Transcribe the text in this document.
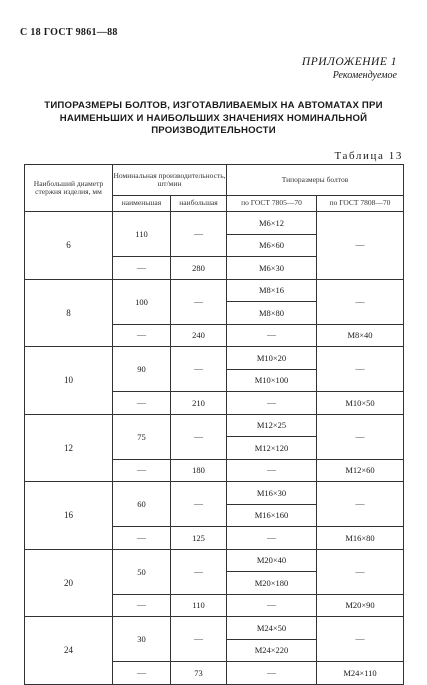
С 18 ГОСТ 9861—88
ПРИЛОЖЕНИЕ 1
Рекомендуемое
ТИПОРАЗМЕРЫ БОЛТОВ, ИЗГОТАВЛИВАЕМЫХ НА АВТОМАТАХ ПРИ
НАИМЕНЬШИХ И НАИБОЛЬШИХ ЗНАЧЕНИЯХ НОМИНАЛЬНОЙ
ПРОИЗВОДИТЕЛЬНОСТИ
Таблица 13
Наибольший диаметр стержня изделия, мм	Номинальная производительность, шт/мин		Типоразмеры болтов	
	наименьшая	наибольшая	по ГОСТ 7805—70	по ГОСТ 7808—70
6	110	—	М6×12	—
			М6×60	
	—	280	М6×30	
8	100	—	М8×16	—
			М8×80	
	—	240	—	М8×40
10	90	—	М10×20	—
			М10×100	
	—	210	—	М10×50
12	75	—	М12×25	—
			М12×120	
	—	180	—	М12×60
16	60	—	М16×30	—
			М16×160	
	—	125	—	М16×80
20	50	—	М20×40	—
			М20×180	
	—	110	—	М20×90
24	30	—	М24×50	—
			М24×220	
	—	73	—	М24×110
